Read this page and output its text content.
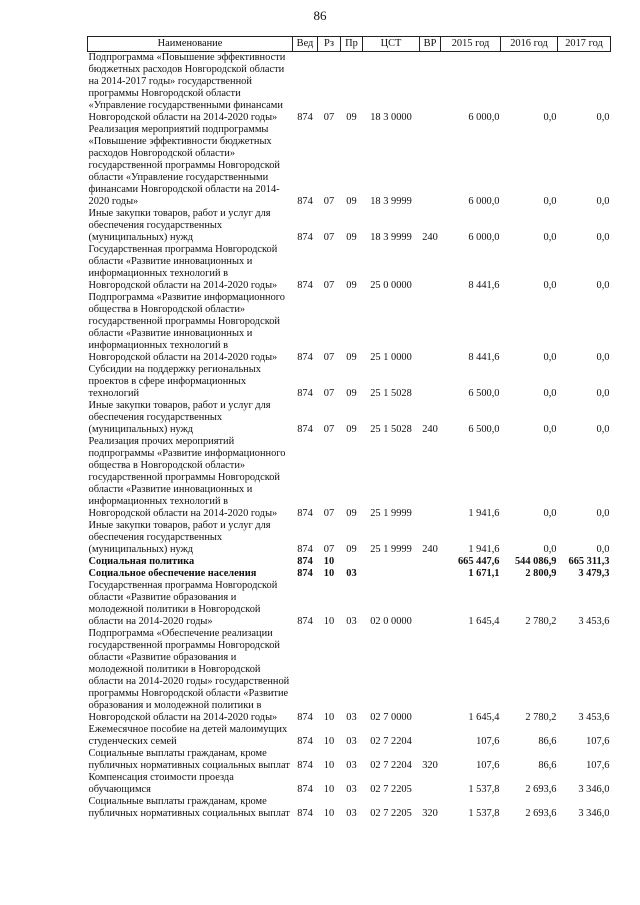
86
Наименование	Вед	Рз	Пр	ЦСТ	ВР	2015 год	2016 год	2017 год
Подпрограмма «Повышение эффективности бюджетных расходов Новгородской области на 2014-2017 годы» государственной программы Новгородской области «Управление государственными финансами Новгородской области на 2014-2020 годы»	874	07	09	18 3 0000		6 000,0	0,0	0,0
Реализация мероприятий подпрограммы «Повышение эффективности бюджетных расходов Новгородской области» государственной программы Новгородской области «Управление государственными финансами Новгородской области на 2014-2020 годы»	874	07	09	18 3 9999		6 000,0	0,0	0,0
Иные закупки товаров, работ и услуг для обеспечения государственных (муниципальных) нужд	874	07	09	18 3 9999	240	6 000,0	0,0	0,0
Государственная программа Новгородской области «Развитие инновационных и информационных технологий в Новгородской области на 2014-2020 годы»	874	07	09	25 0 0000		8 441,6	0,0	0,0
Подпрограмма «Развитие информационного общества в Новгородской области» государственной программы Новгородской области «Развитие инновационных и информационных технологий в Новгородской области на 2014-2020 годы»	874	07	09	25 1 0000		8 441,6	0,0	0,0
Субсидии на поддержку региональных проектов в сфере информационных технологий	874	07	09	25 1 5028		6 500,0	0,0	0,0
Иные закупки товаров, работ и услуг для обеспечения государственных (муниципальных) нужд	874	07	09	25 1 5028	240	6 500,0	0,0	0,0
Реализация прочих мероприятий подпрограммы «Развитие информационного общества в Новгородской области» государственной программы Новгородской области «Развитие инновационных и информационных технологий в Новгородской области на 2014-2020 годы»	874	07	09	25 1 9999		1 941,6	0,0	0,0
Иные закупки товаров, работ и услуг для обеспечения государственных (муниципальных) нужд	874	07	09	25 1 9999	240	1 941,6	0,0	0,0
Социальная политика	874	10				665 447,6	544 086,9	665 311,3
Социальное обеспечение населения	874	10	03			1 671,1	2 800,9	3 479,3
Государственная программа Новгородской области «Развитие образования и молодежной политики в Новгородской области на 2014-2020 годы»	874	10	03	02 0 0000		1 645,4	2 780,2	3 453,6
Подпрограмма «Обеспечение реализации государственной программы Новгородской области «Развитие образования и молодежной политики в Новгородской области на 2014-2020 годы» государственной программы Новгородской области «Развитие образования и молодежной политики в Новгородской области на 2014-2020 годы»	874	10	03	02 7 0000		1 645,4	2 780,2	3 453,6
Ежемесячное пособие на детей малоимущих студенческих семей	874	10	03	02 7 2204		107,6	86,6	107,6
Социальные выплаты гражданам, кроме публичных нормативных социальных выплат	874	10	03	02 7 2204	320	107,6	86,6	107,6
Компенсация стоимости проезда обучающимся	874	10	03	02 7 2205		1 537,8	2 693,6	3 346,0
Социальные выплаты гражданам, кроме публичных нормативных социальных выплат	874	10	03	02 7 2205	320	1 537,8	2 693,6	3 346,0
